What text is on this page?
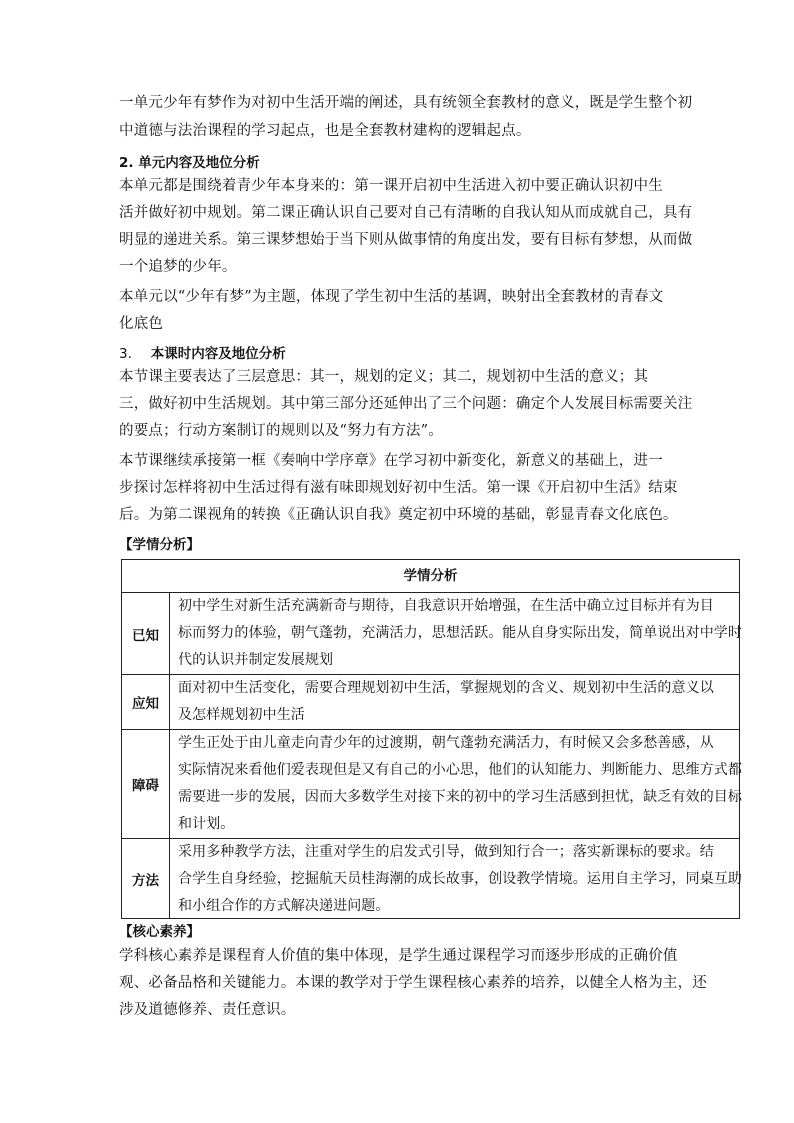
一单元少年有梦作为对初中生活开端的阐述，具有统领全套教材的意义，既是学生整个初
中道德与法治课程的学习起点，也是全套教材建构的逻辑起点。
2. 单元内容及地位分析
本单元都是围绕着青少年本身来的：第一课开启初中生活进入初中要正确认识初中生
活并做好初中规划。第二课正确认识自己要对自己有清晰的自我认知从而成就自己，具有
明显的递进关系。第三课梦想始于当下则从做事情的角度出发，要有目标有梦想，从而做
一个追梦的少年。
本单元以“少年有梦”为主题，体现了学生初中生活的基调，映射出全套教材的青春文
化底色
3. 本课时内容及地位分析
本节课主要表达了三层意思：其一，规划的定义；其二，规划初中生活的意义；其
三，做好初中生活规划。其中第三部分还延伸出了三个问题：确定个人发展目标需要关注
的要点；行动方案制订的规则以及“努力有方法”。
本节课继续承接第一框《奏响中学序章》在学习初中新变化，新意义的基础上，进一
步探讨怎样将初中生活过得有滋有味即规划好初中生活。第一课《开启初中生活》结束
后。为第二课视角的转换《正确认识自我》奠定初中环境的基础，彰显青春文化底色。
【学情分析】
学情分析
已知
初中学生对新生活充满新奇与期待，自我意识开始增强，在生活中确立过目标并有为目
标而努力的体验，朝气蓬勃，充满活力，思想活跃。能从自身实际出发，简单说出对中学时
代的认识并制定发展规划
应知
面对初中生活变化，需要合理规划初中生活，掌握规划的含义、规划初中生活的意义以
及怎样规划初中生活
障碍
学生正处于由儿童走向青少年的过渡期，朝气蓬勃充满活力，有时候又会多愁善感，从
实际情况来看他们爱表现但是又有自己的小心思，他们的认知能力、判断能力、思维方式都
需要进一步的发展，因而大多数学生对接下来的初中的学习生活感到担忧，缺乏有效的目标
和计划。
方法
采用多种教学方法，注重对学生的启发式引导，做到知行合一；落实新课标的要求。结
合学生自身经验，挖掘航天员桂海潮的成长故事，创设教学情境。运用自主学习，同桌互助
和小组合作的方式解决递进问题。
【核心素养】
学科核心素养是课程育人价值的集中体现，是学生通过课程学习而逐步形成的正确价值
观、必备品格和关键能力。本课的教学对于学生课程核心素养的培养，以健全人格为主，还
涉及道德修养、责任意识。
